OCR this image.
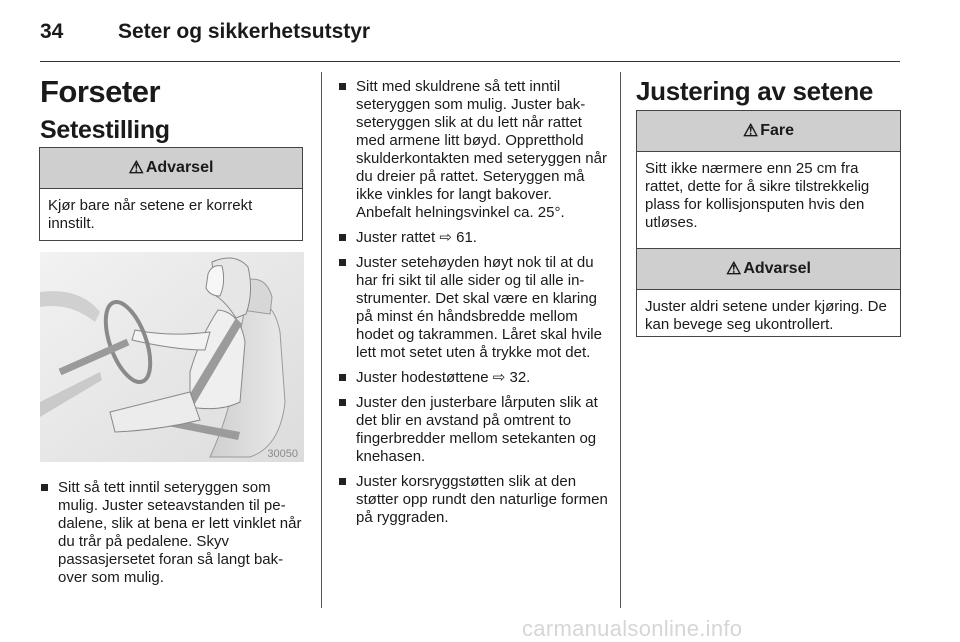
34	Seter og sikkerhetsutstyr
Forseter
Setestilling
⚠ Advarsel
Kjør bare når setene er korrekt innstilt.
30050
Sitt så tett inntil seteryggen som mulig. Juster seteavstanden til pedalene, slik at bena er lett vinklet når du trår på pedalene. Skyv passasjersetet foran så langt bakover som mulig.
Sitt med skuldrene så tett inntil seteryggen som mulig. Juster bakseteryggen slik at du lett når rattet med armene litt bøyd. Oppretthold skulderkontakten med seteryggen når du dreier på rattet. Seteryggen må ikke vinkles for langt bakover. Anbefalt helningsvinkel ca. 25°.
Juster rattet ⇨ 61.
Juster setehøyden høyt nok til at du har fri sikt til alle sider og til alle instrumenter. Det skal være en klaring på minst én håndsbredde mellom hodet og takrammen. Låret skal hvile lett mot setet uten å trykke mot det.
Juster hodestøttene ⇨ 32.
Juster den justerbare lårputen slik at det blir en avstand på omtrent to fingerbredder mellom setekanten og knehasen.
Juster korsryggstøtten slik at den støtter opp rundt den naturlige formen på ryggraden.
Justering av setene
⚠ Fare
Sitt ikke nærmere enn 25 cm fra rattet, dette for å sikre tilstrekkelig plass for kollisjonsputen hvis den utløses.
⚠ Advarsel
Juster aldri setene under kjøring. De kan bevege seg ukontrollert.
carmanualsonline.info
